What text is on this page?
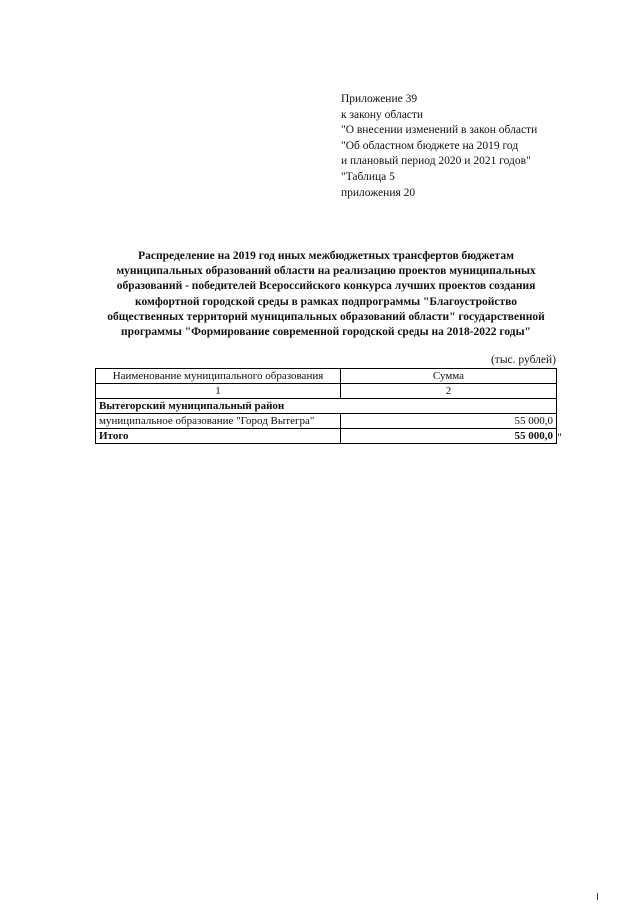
Приложение 39
к закону области
"О внесении изменений в закон области
"Об областном бюджете на 2019 год
и плановый период 2020 и 2021 годов"
"Таблица 5
приложения 20
Распределение на 2019 год иных межбюджетных трансфертов бюджетам
муниципальных образований области на реализацию проектов муниципальных
образований - победителей Всероссийского конкурса лучших проектов создания
комфортной городской среды в рамках подпрограммы "Благоустройство
общественных территорий муниципальных образований области" государственной
программы "Формирование современной городской среды на 2018-2022 годы"
(тыс. рублей)
Наименование муниципального образования	Сумма
1	2
Вытегорский муниципальный район	
муниципальное образование "Город Вытегра"	55 000,0
Итого	55 000,0 "
